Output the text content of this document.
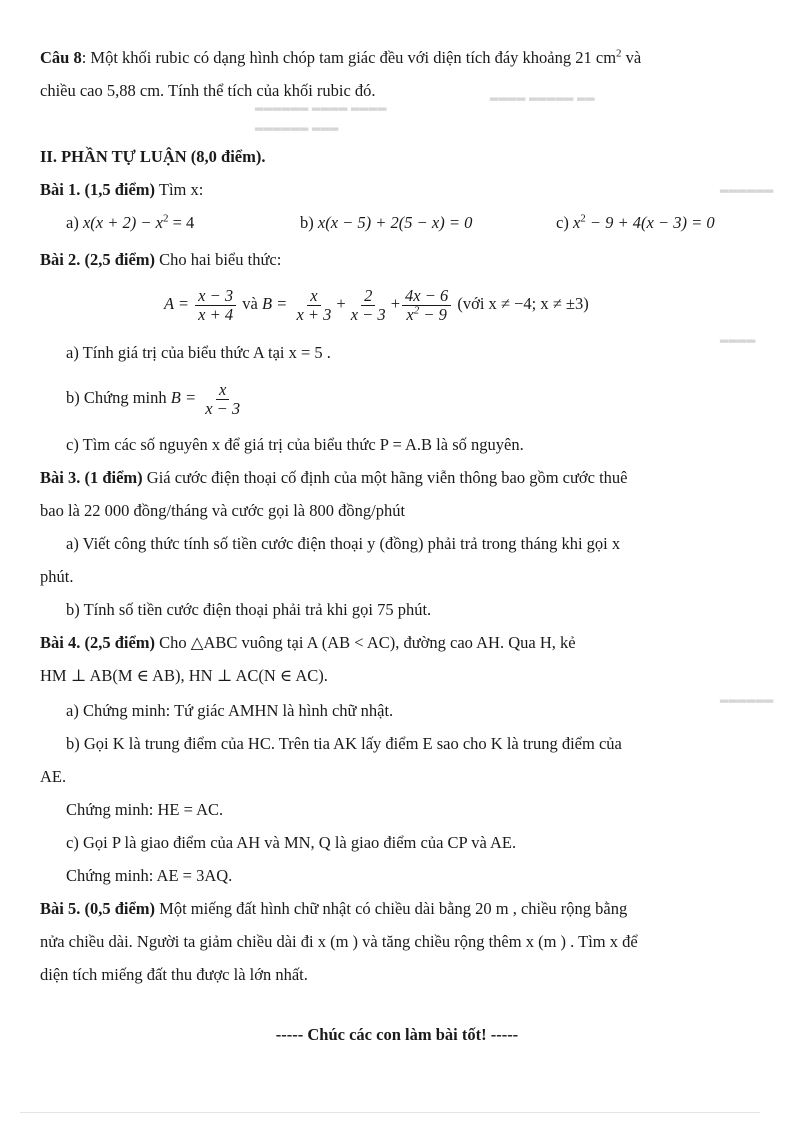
▂▂▂▂ ▂▂▂▂▂ ▂▂
▂▂▂▂▂▂ ▂▂▂▂ ▂▂▂▂
▂▂▂▂▂▂ ▂▂▂
▂▂▂▂▂▂
▂▂▂▂
▂▂▂▂▂▂
Câu 8: Một khối rubic có dạng hình chóp tam giác đều với diện tích đáy khoảng 21 $cm^2$ và
chiều cao 5,88 cm. Tính thể tích của khối rubic đó.
II. PHẦN TỰ LUẬN (8,0 điểm).
Bài 1. (1,5 điểm) Tìm x:
a) $x(x + 2) - x^2 = 4$	b) x(x − 5) + 2(5 − x) = 0	c) $x^2 - 9 + 4(x - 3) = 0$
Bài 2. (2,5 điểm) Cho hai biểu thức:
$A = \frac{x - 3}{x + 4}$ và $B = \frac{x}{x + 3} + \frac{2}{x - 3} + \frac{4x - 6}{x^2 - 9}$ (với x ≠ −4; x ≠ ±3)
a) Tính giá trị của biểu thức A tại x = 5 .
b) Chứng minh $B = \frac{x}{x - 3}$
c) Tìm các số nguyên x để giá trị của biểu thức P = A.B là số nguyên.
Bài 3. (1 điểm) Giá cước điện thoại cố định của một hãng viễn thông bao gồm cước thuê
bao là 22 000 đồng/tháng và cước gọi là 800 đồng/phút
a) Viết công thức tính số tiền cước điện thoại y (đồng) phải trả trong tháng khi gọi x
phút.
b) Tính số tiền cước điện thoại phải trả khi gọi 75 phút.
Bài 4. (2,5 điểm) Cho △ABC vuông tại A (AB < AC), đường cao AH. Qua H, kẻ
HM ⊥ AB(M ∈ AB), HN ⊥ AC(N ∈ AC).
a) Chứng minh: Tứ giác AMHN là hình chữ nhật.
b) Gọi K là trung điểm của HC. Trên tia AK lấy điểm E sao cho K là trung điểm của
AE.
Chứng minh: HE = AC.
c) Gọi P là giao điểm của AH và MN, Q là giao điểm của CP và AE.
Chứng minh: AE = 3AQ.
Bài 5. (0,5 điểm) Một miếng đất hình chữ nhật có chiều dài bằng 20 m , chiều rộng bằng
nửa chiều dài. Người ta giảm chiều dài đi x (m ) và tăng chiều rộng thêm x (m ) . Tìm x để
diện tích miếng đất thu được là lớn nhất.
----- Chúc các con làm bài tốt! -----
